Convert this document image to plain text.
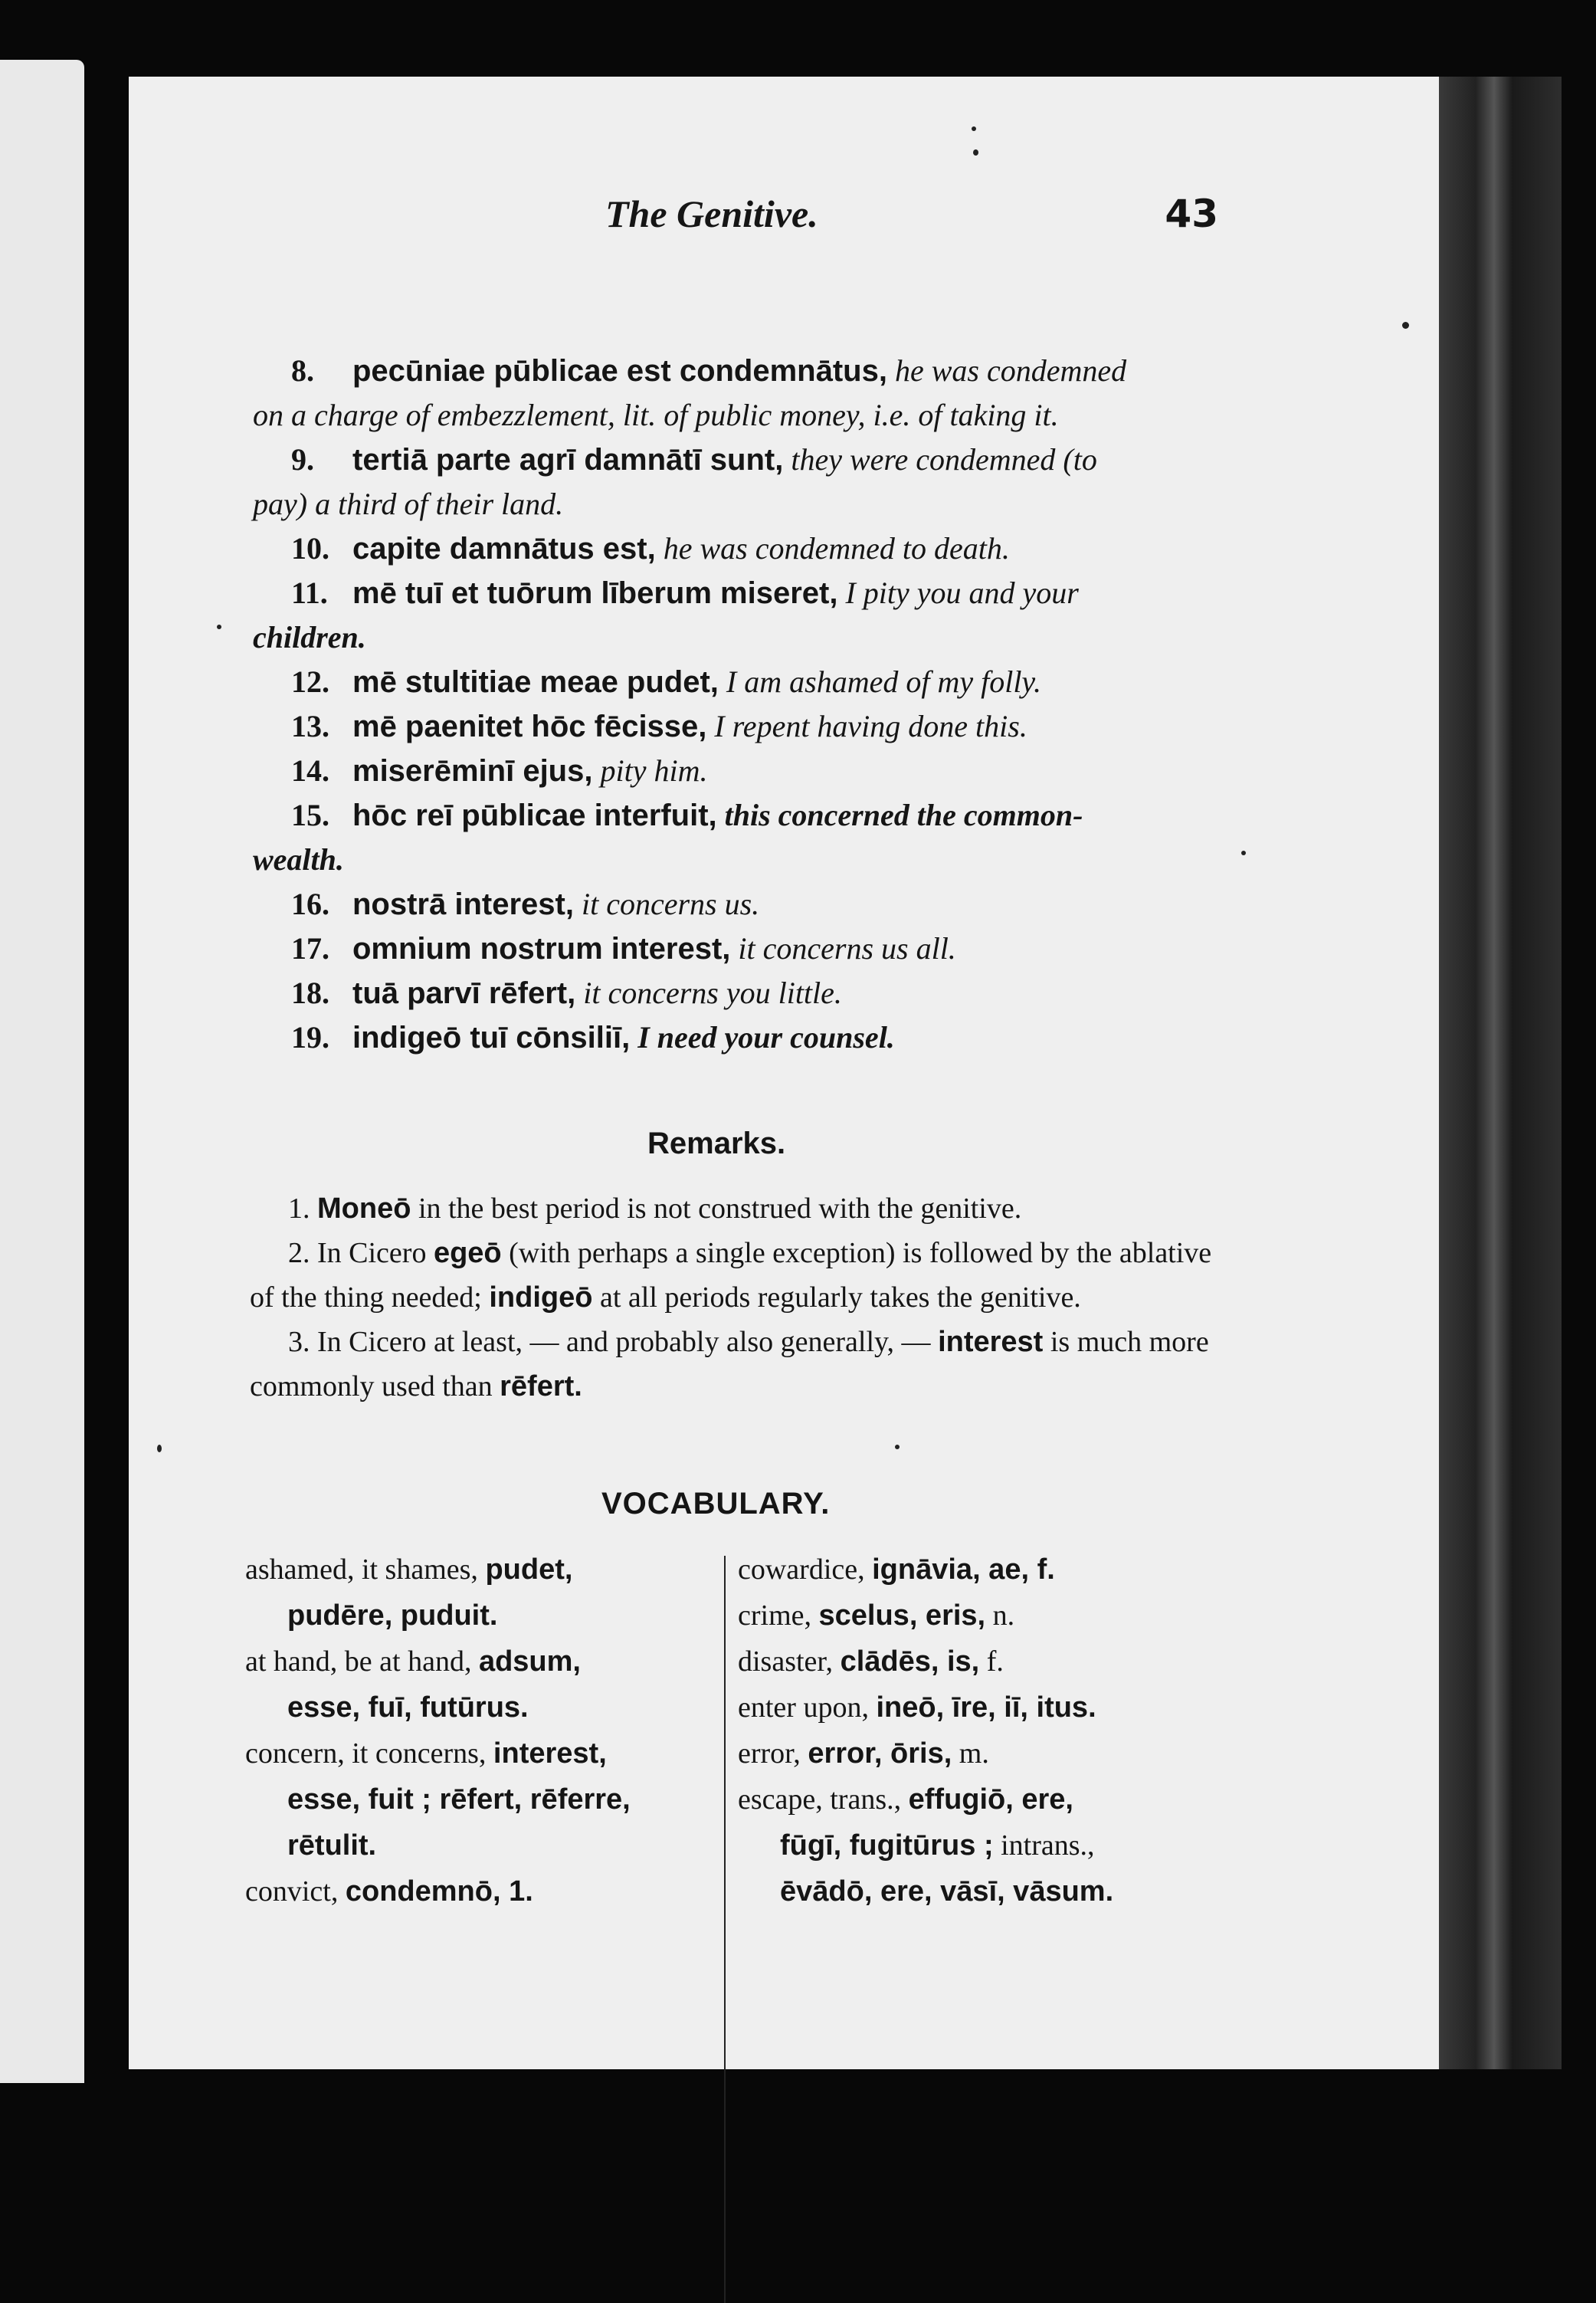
The Genitive.	43

8. pecūniae pūblicae est condemnātus, he was condemned

on a charge of embezzlement, lit. of public money, i.e. of taking it.

9. tertiā parte agrī damnātī sunt, they were condemned (to

pay) a third of their land.

10. capite damnātus est, he was condemned to death.

11. mē tuī et tuōrum līberum miseret, I pity you and your

children.

12. mē stultitiae meae pudet, I am ashamed of my folly.

13. mē paenitet hōc fēcisse, I repent having done this.

14. miserēminī ejus, pity him.

15. hōc reī pūblicae interfuit, this concerned the common-

wealth.

16. nostrā interest, it concerns us.

17. omnium nostrum interest, it concerns us all.

18. tuā parvī rēfert, it concerns you little.

19. indigeō tuī cōnsiliī, I need your counsel.

Remarks.

1. Moneō in the best period is not construed with the genitive.

2. In Cicero egeō (with perhaps a single exception) is followed by the ablative of the thing needed; indigeō at all periods regularly takes the genitive.

3. In Cicero at least, — and probably also generally, — interest is much more commonly used than rēfert.

VOCABULARY.

ashamed, it shames, pudet,

pudēre, puduit.

at hand, be at hand, adsum,

esse, fuī, futūrus.

concern, it concerns, interest,

esse, fuit ; rēfert, rēferre,

rētulit.

convict, condemnō, 1.

cowardice, ignāvia, ae, f.

crime, scelus, eris, n.

disaster, clādēs, is, f.

enter upon, ineō, īre, iī, itus.

error, error, ōris, m.

escape, trans., effugiō, ere,

fūgī, fugitūrus ; intrans.,

ēvādō, ere, vāsī, vāsum.
